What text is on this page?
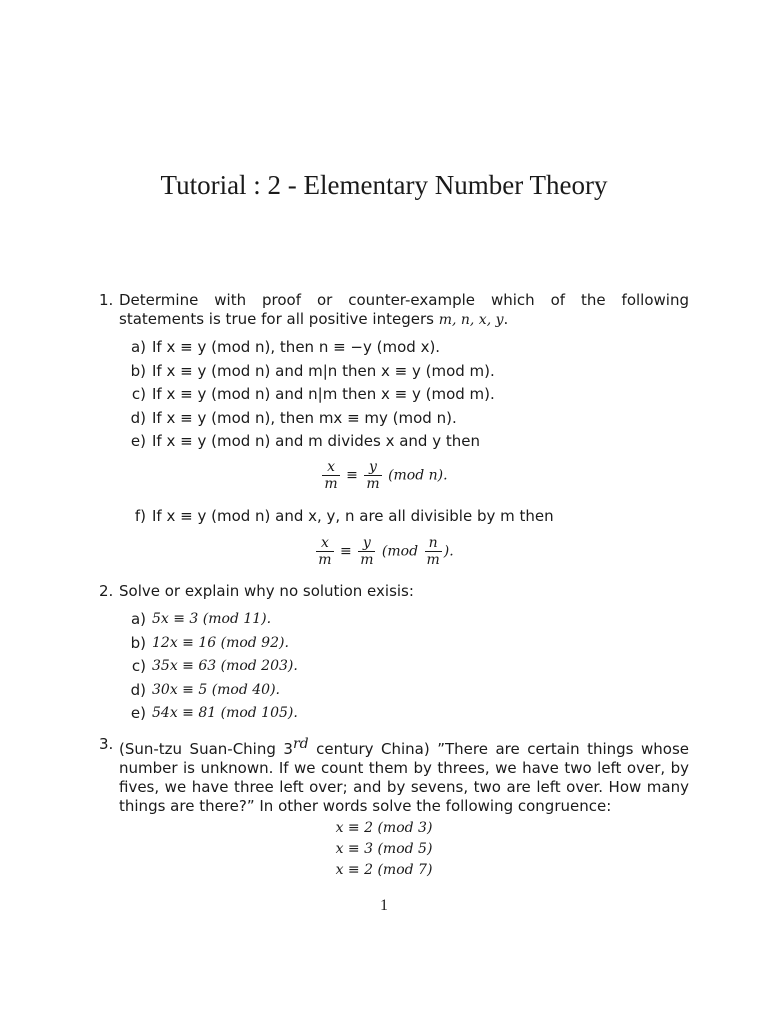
Tutorial : 2 - Elementary Number Theory
1. Determine with proof or counter-example which of the following statements is true for all positive integers m, n, x, y.
a) If x ≡ y (mod n), then n ≡ −y (mod x).
b) If x ≡ y (mod n) and m|n then x ≡ y (mod m).
c) If x ≡ y (mod n) and n|m then x ≡ y (mod m).
d) If x ≡ y (mod n), then mx ≡ my (mod n).
e) If x ≡ y (mod n) and m divides x and y then
$\frac{x}{m} \equiv \frac{y}{m} (mod$ n).
f) If x ≡ y (mod n) and x, y, n are all divisible by m then
$\frac{x}{m} \equiv \frac{y}{m} (mod \frac{n}{m}$ ).
2. Solve or explain why no solution exisis:
a) 5x ≡ 3 (mod 11).
b) 12x ≡ 16 (mod 92).
c) 35x ≡ 63 (mod 203).
d) 30x ≡ 5 (mod 40).
e) 54x ≡ 81 (mod 105).
3. (Sun-tzu Suan-Ching 3rd century China) ”There are certain things whose number is unknown. If we count them by threes, we have two left over, by fives, we have three left over; and by sevens, two are left over. How many things are there?” In other words solve the following congruence:
x ≡ 2 (mod 3)
x ≡ 3 (mod 5)
x ≡ 2 (mod 7)
1
